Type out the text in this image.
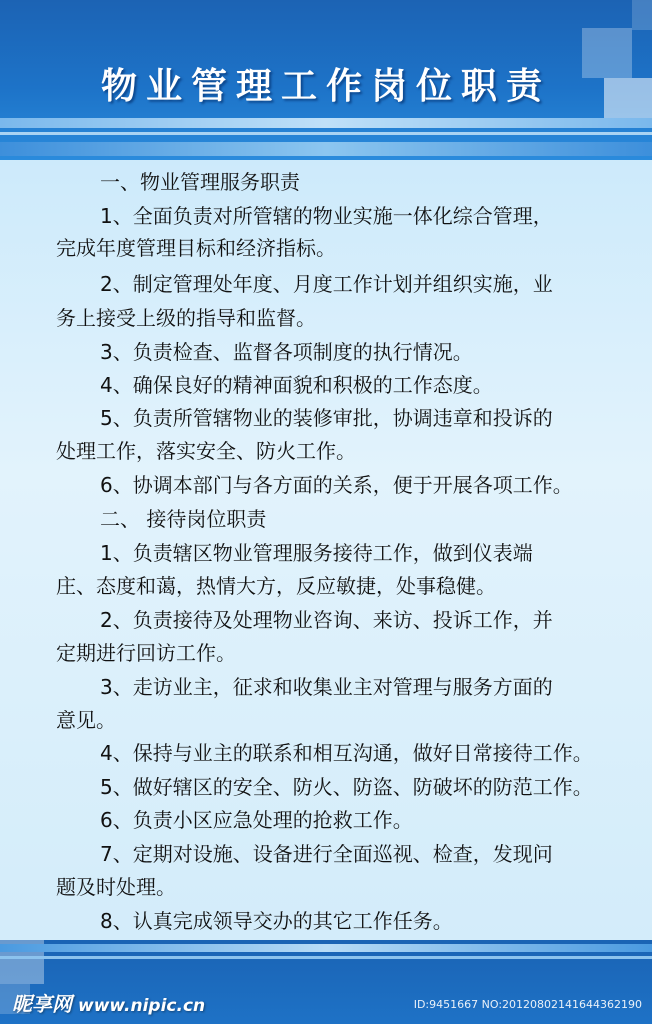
物业管理工作岗位职责
一、物业管理服务职责
1、全面负责对所管辖的物业实施一体化综合管理，
完成年度管理目标和经济指标。
2、制定管理处年度、月度工作计划并组织实施，业
务上接受上级的指导和监督。
3、负责检查、监督各项制度的执行情况。
4、确保良好的精神面貌和积极的工作态度。
5、负责所管辖物业的装修审批，协调违章和投诉的
处理工作，落实安全、防火工作。
6、协调本部门与各方面的关系，便于开展各项工作。
二、 接待岗位职责
1、负责辖区物业管理服务接待工作，做到仪表端
庄、态度和蔼，热情大方，反应敏捷，处事稳健。
2、负责接待及处理物业咨询、来访、投诉工作，并
定期进行回访工作。
3、走访业主，征求和收集业主对管理与服务方面的
意见。
4、保持与业主的联系和相互沟通，做好日常接待工作。
5、做好辖区的安全、防火、防盗、防破坏的防范工作。
6、负责小区应急处理的抢救工作。
7、定期对设施、设备进行全面巡视、检查，发现问
题及时处理。
8、认真完成领导交办的其它工作任务。
昵享网 www.nipic.cn	ID:9451667 NO:20120802141644362190
